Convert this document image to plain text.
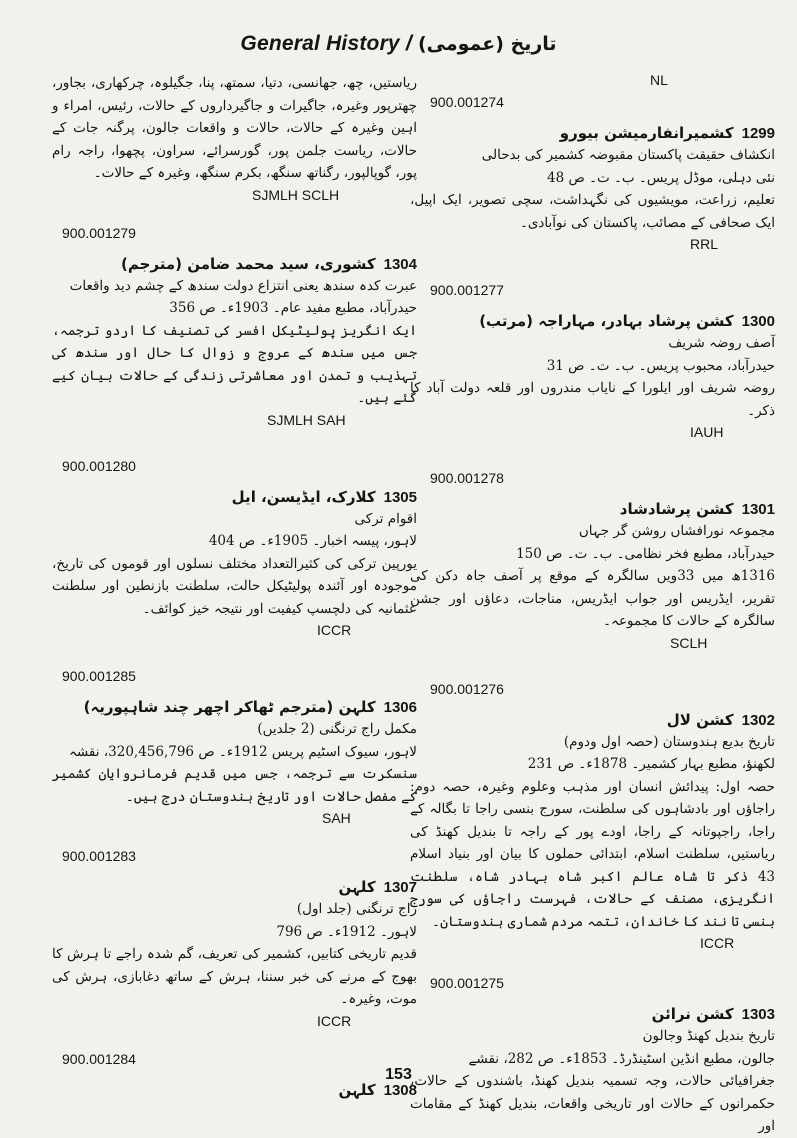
General History / تاریخ (عمومی)
NL
900.001274
کشمیرانفارمیشن بیورو 1299
انکشاف حقیقت پاکستان مقبوضہ کشمیر کی بدحالی
نئی دہلی، موڈل پریس۔ ب۔ ت۔ ص 48
تعلیم، زراعت، مویشیوں کی نگہداشت، سچی تصویر، ایک اپیل، ایک صحافی کے مصائب، پاکستان کی نوآبادی۔
RRL
900.001277
کشن پرشاد بہادر، مہاراجہ (مرتب) 1300
آصف روضہ شریف
حیدرآباد، محبوب پریس۔ ب۔ ت۔ ص 31
روضہ شریف اور ایلورا کے نایاب مندروں اور قلعہ دولت آباد کا ذکر۔
IAUH
900.001278
کشن پرشادشاد 1301
مجموعہ نورافشاں روشن گر جہاں
حیدرآباد، مطبع فخر نظامی۔ ب۔ ت۔ ص 150
1316ھ میں 33ویں سالگرہ کے موقع پر آصف جاہ دکن کی تقریر، ایڈریس اور جواب ایڈریس، مناجات، دعاؤں اور جشن سالگرہ کے حالات کا مجموعہ۔
SCLH
900.001276
کشن لال 1302
تاریخ بدیع ہندوستان (حصہ اول ودوم)
لکھنؤ، مطبع بہار کشمیر۔ 1878ء۔ ص 231
حصہ اول: پیدائش انسان اور مذہب وعلوم وغیرہ، حصہ دوم: راجاؤں اور بادشاہوں کی سلطنت، سورج بنسی راجا تا بگالہ کے راجا، راجپوتانہ کے راجا، اودے پور کے راجہ تا بندیل کھنڈ کی ریاستیں، سلطنت اسلام، ابتدائی حملوں کا بیان اور بنیاد اسلام 43 ذکر تا شاہ عالم اکبر شاہ بہادر شاہ، سلطنت انگریزی، مصنف کے حالات، فہرست راجاؤں کی سورج بنسی تا نند کا خاندان، تتمہ مردم شماری ہندوستان۔
ICCR
900.001275
کشن نرائن 1303
تاریخ بندیل کھنڈ وجالون
جالون، مطبع انڈین اسٹینڈرڈ۔ 1853ء۔ ص 282، نقشے
جغرافیائی حالات، وجہ تسمیہ بندیل کھنڈ، باشندوں کے حالات، حکمرانوں کے حالات اور تاریخی واقعات، بندیل کھنڈ کے مقامات اور
ریاستیں، چھ، جھانسی، دتیا، سمتھ، پنا، جگیلوہ، چرکھاری، بجاور، چھترپور وغیرہ، جاگیرات و جاگیرداروں کے حالات، رئیس، امراء و اہین وغیرہ کے حالات، حالات و واقعات جالون، پرگنہ جات کے حالات، ریاست جلمن پور، گورسرائے، سراون، پچھوا، راجہ رام پور، گوپالپور، رگناتھ سنگھ، بکرم سنگھ، وغیرہ کے حالات۔
SJMLH SCLH
900.001279
کشوری، سید محمد ضامن (مترجم) 1304
عبرت کدہ سندھ یعنی انتزاع دولت سندھ کے چشم دید واقعات
حیدرآباد، مطبع مفید عام۔ 1903ء۔ ص 356
ایک انگریز پولیٹیکل افسر کی تصنیف کا اردو ترجمہ، جس میں سندھ کے عروج و زوال کا حال اور سندھ کی تہذیب و تمدن اور معاشرتی زندگی کے حالات بیان کیے گئے ہیں۔
SJMLH SAH
900.001280
کلارک، ایڈیسن، ایل 1305
اقوام ترکی
لاہور، پیسہ اخبار۔ 1905ء۔ ص 404
یورپین ترکی کی کثیرالتعداد مختلف نسلوں اور قوموں کی تاریخ، موجودہ اور آئندہ پولیٹیکل حالت، سلطنت بازنطین اور سلطنت عثمانیہ کی دلچسپ کیفیت اور نتیجہ خیز کوائف۔
ICCR
900.001285
کلہن (مترجم ٹھاکر اچھر چند شاہپوریہ) 1306
مکمل راج ترنگنی (2 جلدیں)
لاہور، سیوک اسٹیم پریس 1912ء۔ ص 320,456,796، نقشہ
سنسکرت سے ترجمہ، جس میں قدیم فرمانروایان کشمیر کے مفصل حالات اور تاریخ ہندوستان درج ہیں۔
SAH
900.001283
کلہن 1307
راج ترنگنی (جلد اول)
لاہور۔ 1912ء۔ ص 796
قدیم تاریخی کتابیں، کشمیر کی تعریف، گم شدہ راجے تا ہرش کا بھوج کے مرنے کی خبر سننا، ہرش کے ساتھ دغابازی، ہرش کی موت، وغیرہ۔
ICCR
900.001284
کلہن 1308
153
